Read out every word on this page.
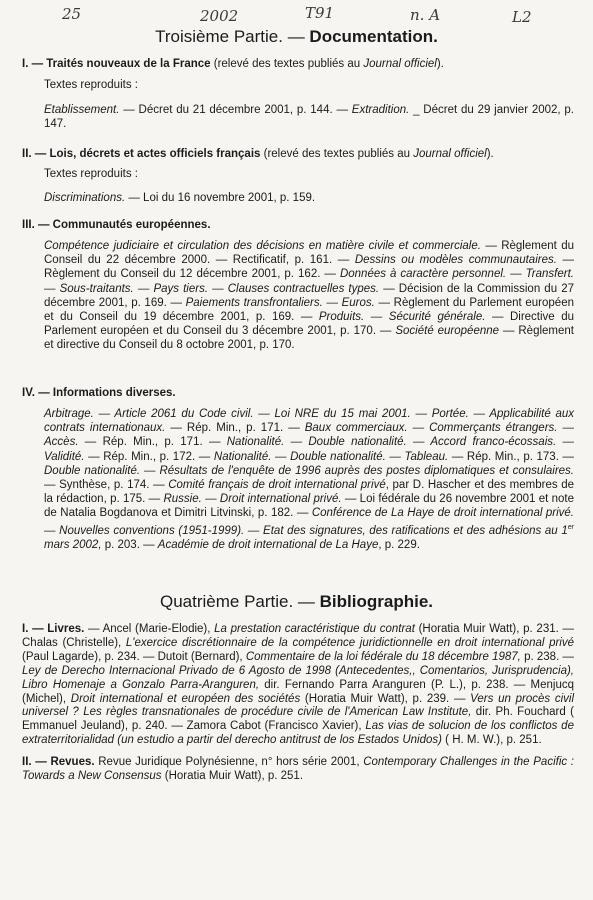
25	2002	T91	n. A	L2
Troisième Partie. — Documentation.
I. — Traités nouveaux de la France (relevé des textes publiés au Journal officiel).
Textes reproduits :
Etablissement. — Décret du 21 décembre 2001, p. 144. — Extradition. _ Décret du 29 janvier 2002, p. 147.
II. — Lois, décrets et actes officiels français (relevé des textes publiés au Journal officiel).
Textes reproduits :
Discriminations. — Loi du 16 novembre 2001, p. 159.
III. — Communautés européennes.
Compétence judiciaire et circulation des décisions en matière civile et commerciale. — Règlement du Conseil du 22 décembre 2000. — Rectificatif, p. 161. — Dessins ou modèles communautaires. — Règlement du Conseil du 12 décembre 2001, p. 162. — Données à caractère personnel. — Transfert. — Sous-traitants. — Pays tiers. — Clauses contractuelles types. — Décision de la Commission du 27 décembre 2001, p. 169. — Paiements transfrontaliers. — Euros. — Règlement du Parlement européen et du Conseil du 19 décembre 2001, p. 169. — Produits. — Sécurité générale. — Directive du Parlement européen et du Conseil du 3 décembre 2001, p. 170. — Société européenne — Règlement et directive du Conseil du 8 octobre 2001, p. 170.
IV. — Informations diverses.
Arbitrage. — Article 2061 du Code civil. — Loi NRE du 15 mai 2001. — Portée. — Applicabilité aux contrats internationaux. — Rép. Min., p. 171. — Baux commerciaux. — Commerçants étrangers. — Accès. — Rép. Min., p. 171. — Nationalité. — Double nationalité. — Accord franco-écossais. — Validité. — Rép. Min., p. 172. — Nationalité. — Double nationalité. — Tableau. — Rép. Min., p. 173. — Double nationalité. — Résultats de l'enquête de 1996 auprès des postes diplomatiques et consulaires. — Synthèse, p. 174. — Comité français de droit international privé, par D. Hascher et des membres de la rédaction, p. 175. — Russie. — Droit international privé. — Loi fédérale du 26 novembre 2001 et note de Natalia Bogdanova et Dimitri Litvinski, p. 182. — Conférence de La Haye de droit international privé. — Nouvelles conventions (1951-1999). — Etat des signatures, des ratifications et des adhésions au 1er mars 2002, p. 203. — Académie de droit international de La Haye, p. 229.
Quatrième Partie. — Bibliographie.
I. — Livres. — Ancel (Marie-Elodie), La prestation caractéristique du contrat (Horatia Muir Watt), p. 231. — Chalas (Christelle), L'exercice discrétionnaire de la compétence juridictionnelle en droit international privé (Paul Lagarde), p. 234. — Dutoit (Bernard), Commentaire de la loi fédérale du 18 décembre 1987, p. 238. — Ley de Derecho Internacional Privado de 6 Agosto de 1998 (Antecedentes,, Comentarios, Jurisprudencia), Libro Homenaje a Gonzalo Parra-Aranguren, dir. Fernando Parra Aranguren (P. L.), p. 238. — Menjucq (Michel), Droit international et européen des sociétés (Horatia Muir Watt), p. 239. — Vers un procès civil universel ? Les règles transnationales de procédure civile de l'American Law Institute, dir. Ph. Fouchard ( Emmanuel Jeuland), p. 240. — Zamora Cabot (Francisco Xavier), Las vias de solucion de los conflictos de extraterritorialidad (un estudio a partir del derecho antitrust de los Estados Unidos) ( H. M. W.), p. 251.
II. — Revues. Revue Juridique Polynésienne, n° hors série 2001, Contemporary Challenges in the Pacific : Towards a New Consensus (Horatia Muir Watt), p. 251.
